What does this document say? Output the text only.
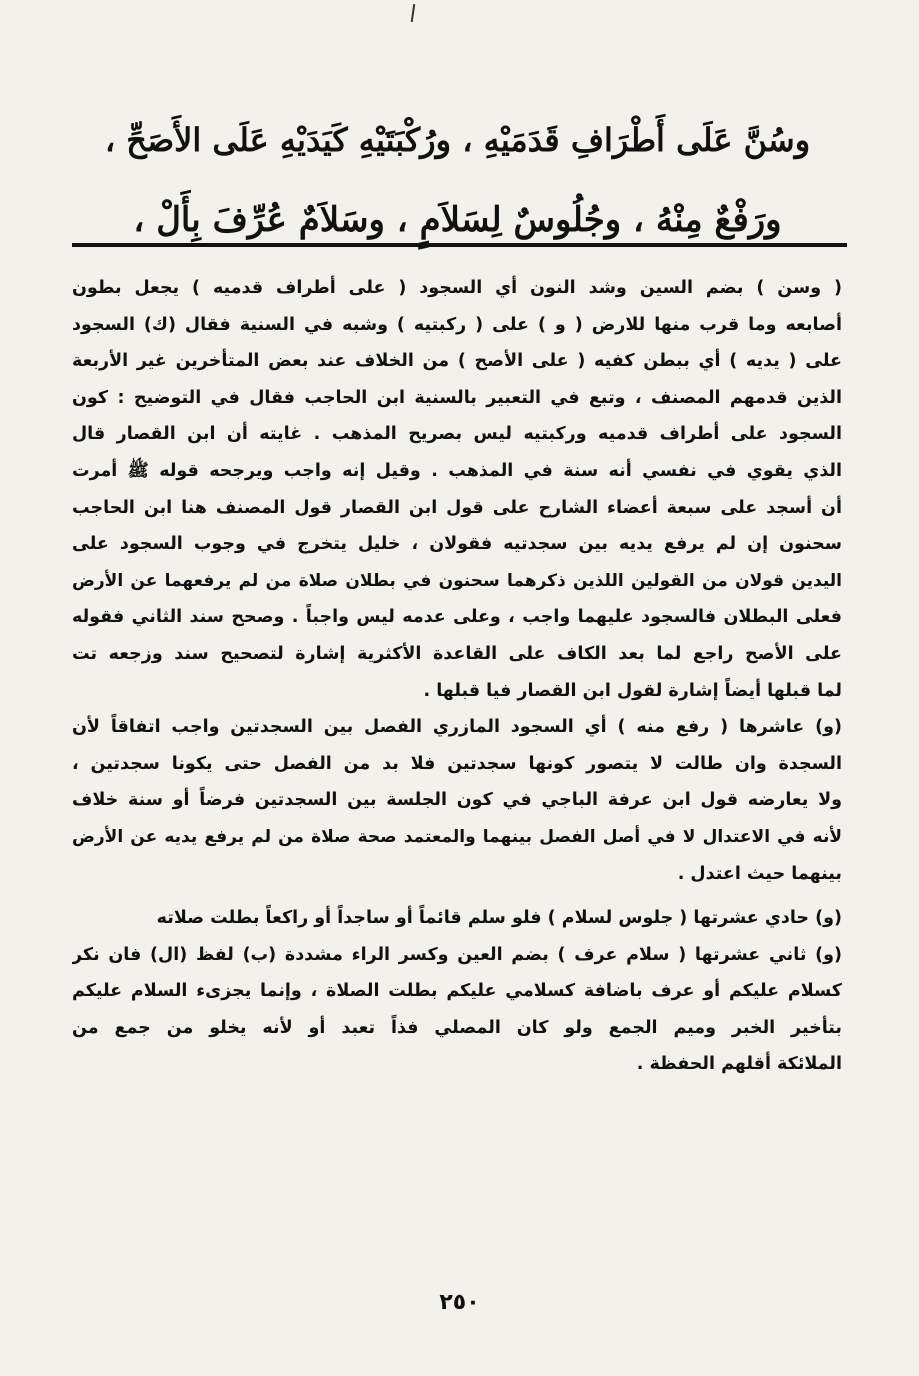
وسُنَّ عَلَى أَطْرَافِ قَدَمَيْهِ ، ورُكْبَتَيْهِ كَيَدَيْهِ عَلَى الأَصَحِّ ،
ورَفْعٌ مِنْهُ ، وجُلُوسٌ لِسَلاَمٍ ، وسَلاَمٌ عُرِّفَ بِأَلْ ،
( وسن ) بضم السين وشد النون أي السجود ( على أطراف قدميه ) يجعل بطون
أصابعه وما قرب منها للارض ( و ) على ( ركبتيه ) وشبه في السنية فقال (ك) السجود
على ( يديه ) أي ببطن كفيه ( على الأصح ) من الخلاف عند بعض المتأخرين غير الأربعة
الذين قدمهم المصنف ، وتبع في التعبير بالسنية ابن الحاجب فقال في التوضيح : كون
السجود على أطراف قدميه وركبتيه ليس بصريح المذهب . غايته أن ابن القصار قال
الذي يقوي في نفسي أنه سنة في المذهب . وقيل إنه واجب ويرجحه قوله ﷺ أمرت
أن أسجد على سبعة أعضاء الشارح على قول ابن القصار قول المصنف هنا ابن الحاجب
سحنون إن لم يرفع يديه بين سجدتيه فقولان ، خليل يتخرج في وجوب السجود على
اليدين قولان من القولين اللذين ذكرهما سحنون في بطلان صلاة من لم يرفعهما عن الأرض
فعلى البطلان فالسجود عليهما واجب ، وعلى عدمه ليس واجباً . وصحح سند الثاني فقوله
على الأصح راجع لما بعد الكاف على القاعدة الأكثرية إشارة لتصحيح سند وزجعه تت
لما قبلها أيضاً إشارة لقول ابن القصار فيا قبلها .
(و) عاشرها ( رفع منه ) أي السجود المازري الفصل بين السجدتين واجب اتفاقاً لأن
السجدة وان طالت لا يتصور كونها سجدتين فلا بد من الفصل حتى يكونا سجدتين ،
ولا يعارضه قول ابن عرفة الباجي في كون الجلسة بين السجدتين فرضاً أو سنة خلاف
لأنه في الاعتدال لا في أصل الفصل بينهما والمعتمد صحة صلاة من لم يرفع يديه عن الأرض
بينهما حيث اعتدل .
(و) حادي عشرتها ( جلوس لسلام ) فلو سلم قائماً أو ساجداً أو راكعاً بطلت صلاته
(و) ثاني عشرتها ( سلام عرف ) بضم العين وكسر الراء مشددة (ب) لفظ (ال) فان نكر
كسلام عليكم أو عرف باضافة كسلامي عليكم بطلت الصلاة ، وإنما يجزىء السلام عليكم
بتأخير الخبر وميم الجمع ولو كان المصلي فذاً تعبد أو لأنه يخلو من جمع من
الملائكة أقلهم الحفظة .
٢٥٠
